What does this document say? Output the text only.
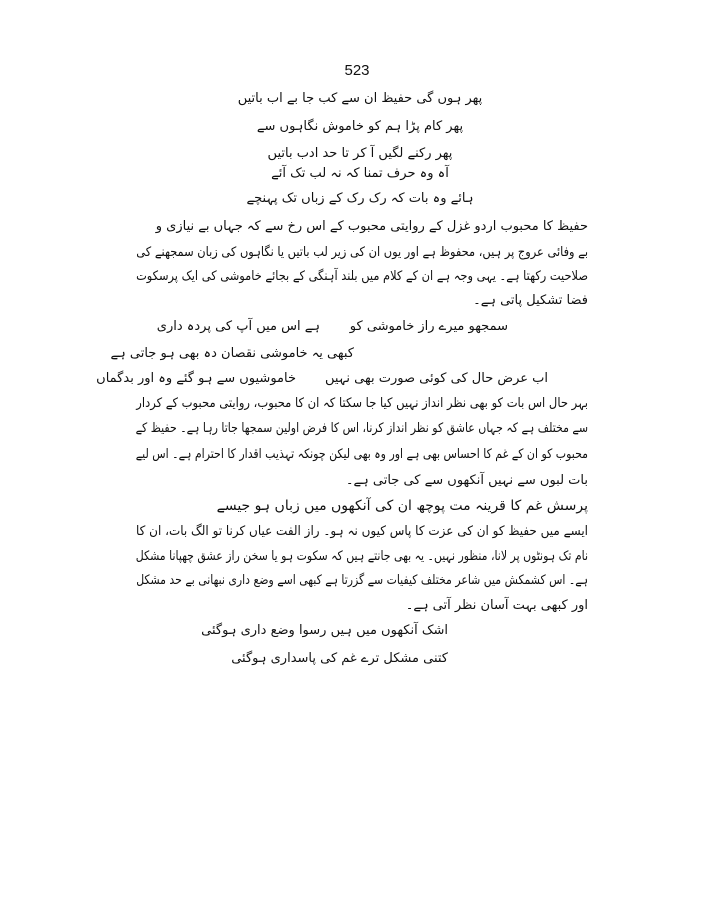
523
پھر ہوں گی حفیظ ان سے کب جا بے اب باتیں
پھر کام پڑا ہم کو خاموش نگاہوں سے
پھر رکنے لگیں آ کر تا حد ادب باتیں
آہ وہ حرف تمنا کہ نہ لب تک آئے
ہائے وہ بات کہ رک رک کے زباں تک پہنچے
حفیظ کا محبوب اردو غزل کے روایتی محبوب کے اس رخ سے کہ جہاں بے نیازی و
بے وفائی عروج پر ہیں، محفوظ ہے اور یوں ان کی زیر لب باتیں یا نگاہوں کی زبان سمجھنے کی
صلاحیت رکھتا ہے۔ یہی وجہ ہے ان کے کلام میں بلند آہنگی کے بجائے خاموشی کی ایک پرسکوت
فضا تشکیل پاتی ہے۔
سمجھو میرے راز خاموشی کو
ہے اس میں آپ کی پردہ داری
کبھی یہ خاموشی نقصان دہ بھی ہو جاتی ہے
اب عرض حال کی کوئی صورت بھی نہیں
خاموشیوں سے ہو گئے وہ اور بدگماں
بہر حال اس بات کو بھی نظر انداز نہیں کیا جا سکتا کہ ان کا محبوب، روایتی محبوب کے کردار
سے مختلف ہے کہ جہاں عاشق کو نظر انداز کرنا، اس کا فرض اولین سمجھا جاتا رہا ہے۔ حفیظ کے
محبوب کو ان کے غم کا احساس بھی ہے اور وہ بھی لیکن چونکہ تہذیب اقدار کا احترام ہے۔ اس لیے
بات لبوں سے نہیں آنکھوں سے کی جاتی ہے۔
پرسش غم کا قرینہ مت پوچھ ان کی آنکھوں میں زباں ہو جیسے
ایسے میں حفیظ کو ان کی عزت کا پاس کیوں نہ ہو۔ راز الفت عیاں کرنا تو الگ بات، ان کا
نام تک ہونٹوں پر لانا، منظور نہیں۔ یہ بھی جانتے ہیں کہ سکوت ہو یا سخن راز عشق چھپانا مشکل
ہے۔ اس کشمکش میں شاعر مختلف کیفیات سے گزرتا ہے کبھی اسے وضع داری نبھانی بے حد مشکل
اور کبھی بہت آسان نظر آتی ہے۔
اشک آنکھوں میں ہیں رسوا وضع داری ہوگئی
کتنی مشکل ترے غم کی پاسداری ہوگئی
